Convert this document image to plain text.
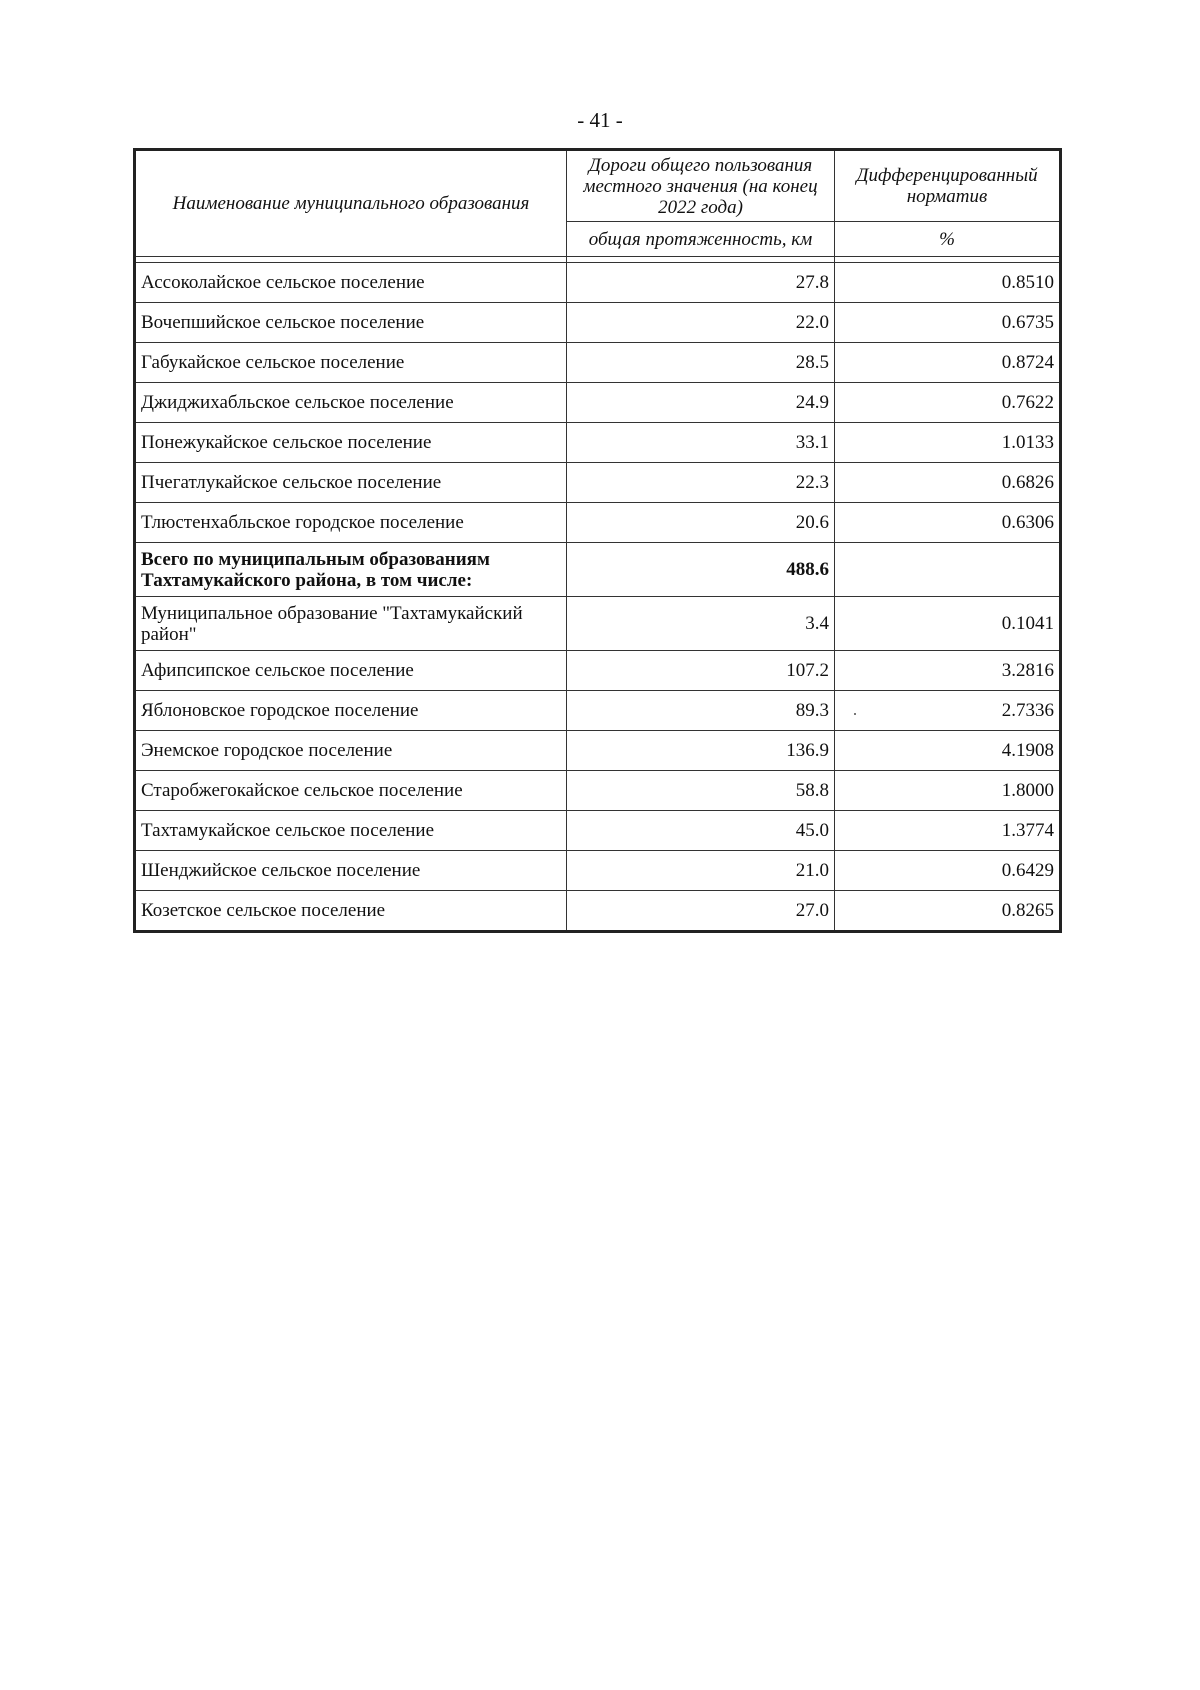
- 41 -
Наименование муниципального образования	Дороги общего пользования местного значения (на конец 2022 года)	Дифференцированный норматив
	общая протяженность, км	%

Ассоколайское сельское поселение	27.8	0.8510
Вочепшийское сельское поселение	22.0	0.6735
Габукайское сельское поселение	28.5	0.8724
Джиджихабльское сельское поселение	24.9	0.7622
Понежукайское сельское поселение	33.1	1.0133
Пчегатлукайское сельское поселение	22.3	0.6826
Тлюстенхабльское городское поселение	20.6	0.6306
Всего по муниципальным образованиям Тахтамукайского района, в том числе:	488.6	
Муниципальное образование "Тахтамукайский район"	3.4	0.1041
Афипсипское сельское поселение	107.2	3.2816
Яблоновское городское поселение	89.3	2.7336
Энемское городское поселение	136.9	4.1908
Старобжегокайское сельское поселение	58.8	1.8000
Тахтамукайское сельское поселение	45.0	1.3774
Шенджийское сельское поселение	21.0	0.6429
Козетское сельское поселение	27.0	0.8265
